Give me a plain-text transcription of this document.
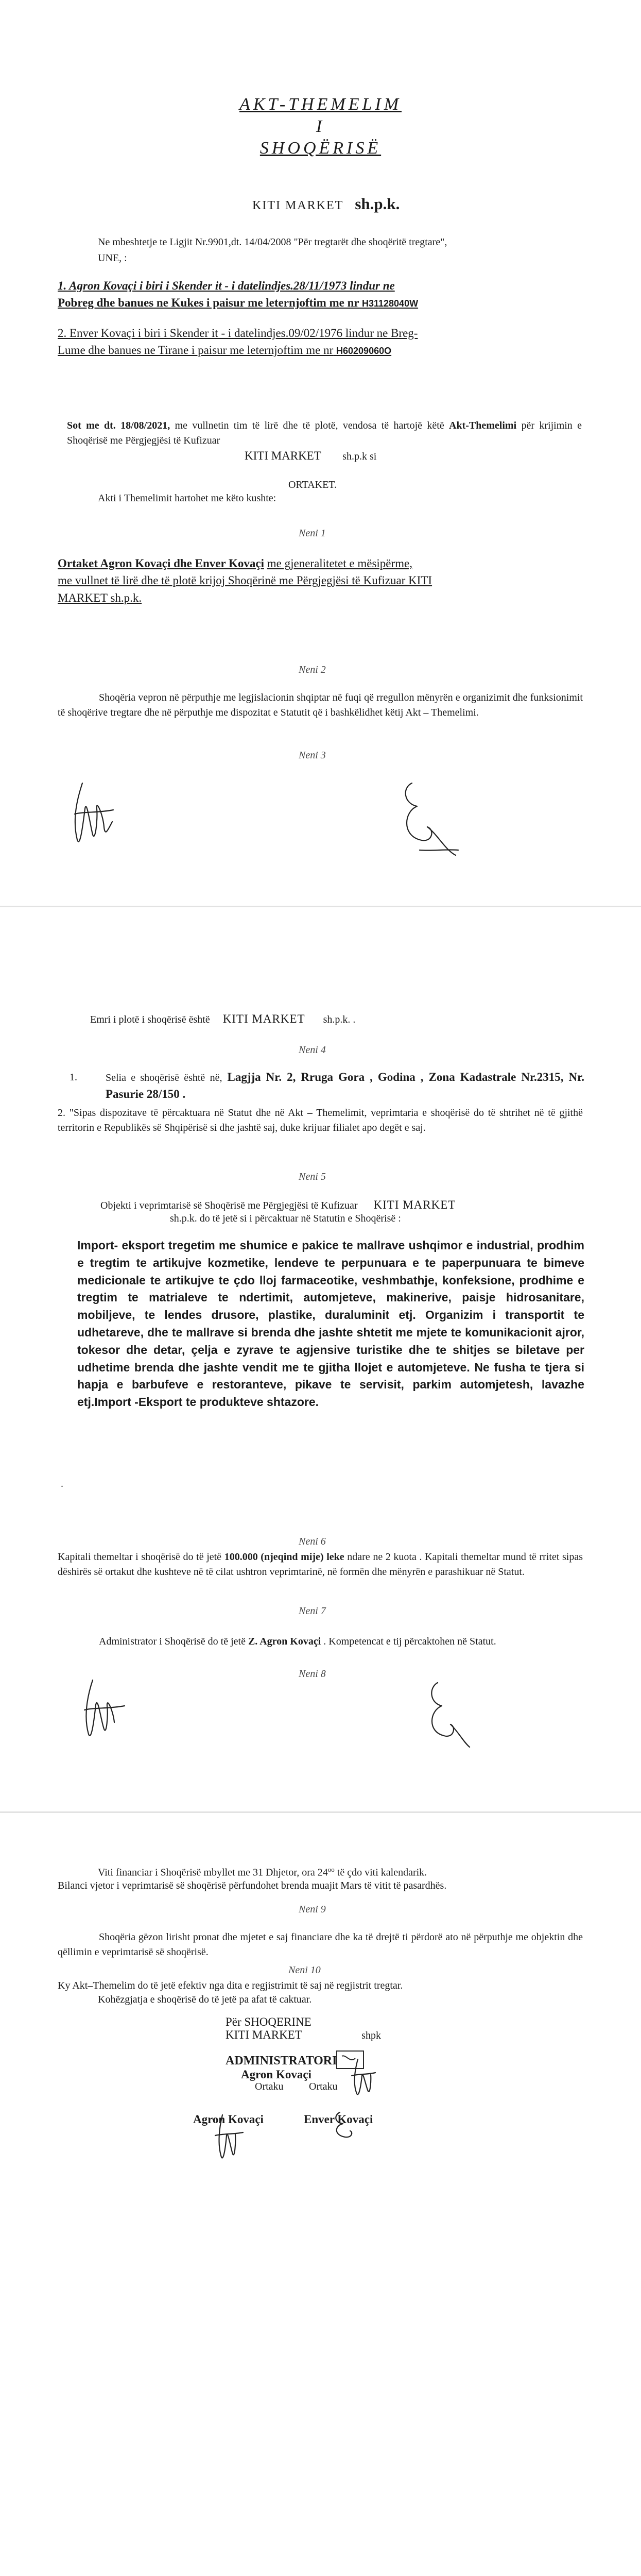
AKT-THEMELIM
I
SHOQËRISË
KITI MARKET sh.p.k.
Ne mbeshtetje te Ligjit Nr.9901,dt. 14/04/2008 "Për tregtarët dhe shoqëritë tregtare",
UNE, :
1. Agron Kovaçi i biri i Skender it - i datelindjes.28/11/1973 lindur ne
Pobreg dhe banues ne Kukes i paisur me leternjoftim me nr H31128040W
2. Enver Kovaçi i biri i Skender it - i datelindjes.09/02/1976 lindur ne Breg-
Lume dhe banues ne Tirane i paisur me leternjoftim me nr H60209060O
Sot me dt. 18/08/2021, me vullnetin tim të lirë dhe të plotë, vendosa të hartojë këtë Akt-Themelimi për krijimin e Shoqërisë me Përgjegjësi të Kufizuar
KITI MARKET sh.p.k si
ORTAKET.
Akti i Themelimit hartohet me këto kushte:
Neni 1
Ortaket Agron Kovaçi dhe Enver Kovaçi me gjeneralitetet e mësipërme,
me vullnet të lirë dhe të plotë krijoj Shoqërinë me Përgjegjësi të Kufizuar KITI
MARKET sh.p.k.
Neni 2
Shoqëria vepron në përputhje me legjislacionin shqiptar në fuqi që rregullon mënyrën e organizimit dhe funksionimit të shoqërive tregtare dhe në përputhje me dispozitat e Statutit që i bashkëlidhet këtij Akt – Themelimi.
Neni 3
Emri i plotë i shoqërisë është KITI MARKET sh.p.k. .
Neni 4
1.	Selia e shoqërisë është në, Lagjja Nr. 2, Rruga Gora , Godina , Zona Kadastrale Nr.2315, Nr. Pasurie 28/150 .
2. "Sipas dispozitave të përcaktuara në Statut dhe në Akt – Themelimit, veprimtaria e shoqërisë do të shtrihet në të gjithë territorin e Republikës së Shqipërisë si dhe jashtë saj, duke krijuar filialet apo degët e saj.
Neni 5
Objekti i veprimtarisë së Shoqërisë me Përgjegjësi të Kufizuar KITI MARKET
sh.p.k. do të jetë si i përcaktuar në Statutin e Shoqërisë :
Import- eksport tregetim me shumice e pakice te mallrave ushqimor e industrial, prodhim e tregtim te artikujve kozmetike, lendeve te perpunuara e te paperpunuara te bimeve medicionale te artikujve te çdo lloj farmaceotike, veshmbathje, konfeksione, prodhime e tregtim te matrialeve te ndertimit, automjeteve, makinerive, paisje hidrosanitare, mobiljeve, te lendes drusore, plastike, duraluminit etj. Organizim i transportit te udhetareve, dhe te mallrave si brenda dhe jashte shtetit me mjete te komunikacionit ajror, tokesor dhe detar, çelja e zyrave te agjensive turistike dhe te shitjes se biletave per udhetime brenda dhe jashte vendit me te gjitha llojet e automjeteve. Ne fusha te tjera si hapja e barbufeve e restoranteve, pikave te servisit, parkim automjetesh, lavazhe etj.Import -Eksport te produkteve shtazore.
.
Neni 6
Kapitali themeltar i shoqërisë do të jetë 100.000 (njeqind mije) leke ndare ne 2 kuota . Kapitali themeltar mund të rritet sipas dëshirës së ortakut dhe kushteve në të cilat ushtron veprimtarinë, në formën dhe mënyrën e parashikuar në Statut.
Neni 7
Administrator i Shoqërisë do të jetë Z. Agron Kovaçi . Kompetencat e tij përcaktohen në Statut.
Neni 8
Viti financiar i Shoqërisë mbyllet me 31 Dhjetor, ora $24^{oo}$ të çdo viti kalendarik.
Bilanci vjetor i veprimtarisë së shoqërisë përfundohet brenda muajit Mars të vitit të pasardhës.
Neni 9
Shoqëria gëzon lirisht pronat dhe mjetet e saj financiare dhe ka të drejtë ti përdorë ato në përputhje me objektin dhe qëllimin e veprimtarisë së shoqërisë.
Neni 10
Ky Akt–Themelim do të jetë efektiv nga dita e regjistrimit të saj në regjistrit tregtar.
Kohëzgjatja e shoqërisë do të jetë pa afat të caktuar.
Për SHOQERINE
KITI MARKET	shpk
ADMINISTRATORI
Agron Kovaçi
Ortaku Ortaku
Agron Kovaçi	Enver Kovaçi
